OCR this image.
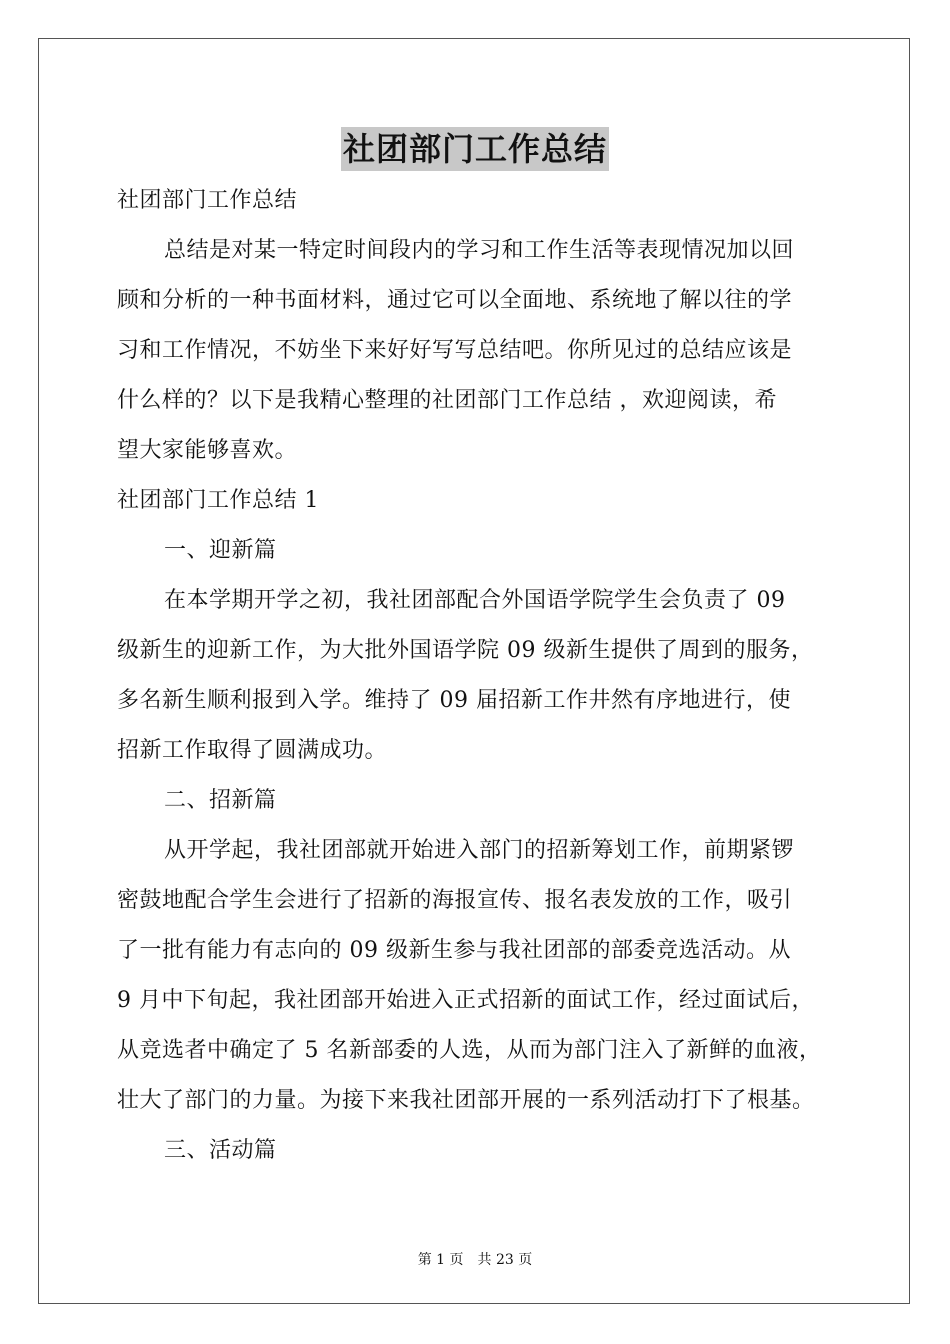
社团部门工作总结
社团部门工作总结
总结是对某一特定时间段内的学习和工作生活等表现情况加以回
顾和分析的一种书面材料，通过它可以全面地、系统地了解以往的学
习和工作情况，不妨坐下来好好写写总结吧。你所见过的总结应该是
什么样的？以下是我精心整理的社团部门工作总结 ，欢迎阅读，希
望大家能够喜欢。
社团部门工作总结 1
一、迎新篇
在本学期开学之初，我社团部配合外国语学院学生会负责了 09
级新生的迎新工作，为大批外国语学院 09 级新生提供了周到的服务，
多名新生顺利报到入学。维持了 09 届招新工作井然有序地进行，使
招新工作取得了圆满成功。
二、招新篇
从开学起，我社团部就开始进入部门的招新筹划工作，前期紧锣
密鼓地配合学生会进行了招新的海报宣传、报名表发放的工作，吸引
了一批有能力有志向的 09 级新生参与我社团部的部委竞选活动。从
9 月中下旬起，我社团部开始进入正式招新的面试工作，经过面试后，
从竞选者中确定了 5 名新部委的人选，从而为部门注入了新鲜的血液，
壮大了部门的力量。为接下来我社团部开展的一系列活动打下了根基。
三、活动篇
第 1 页　共 23 页
